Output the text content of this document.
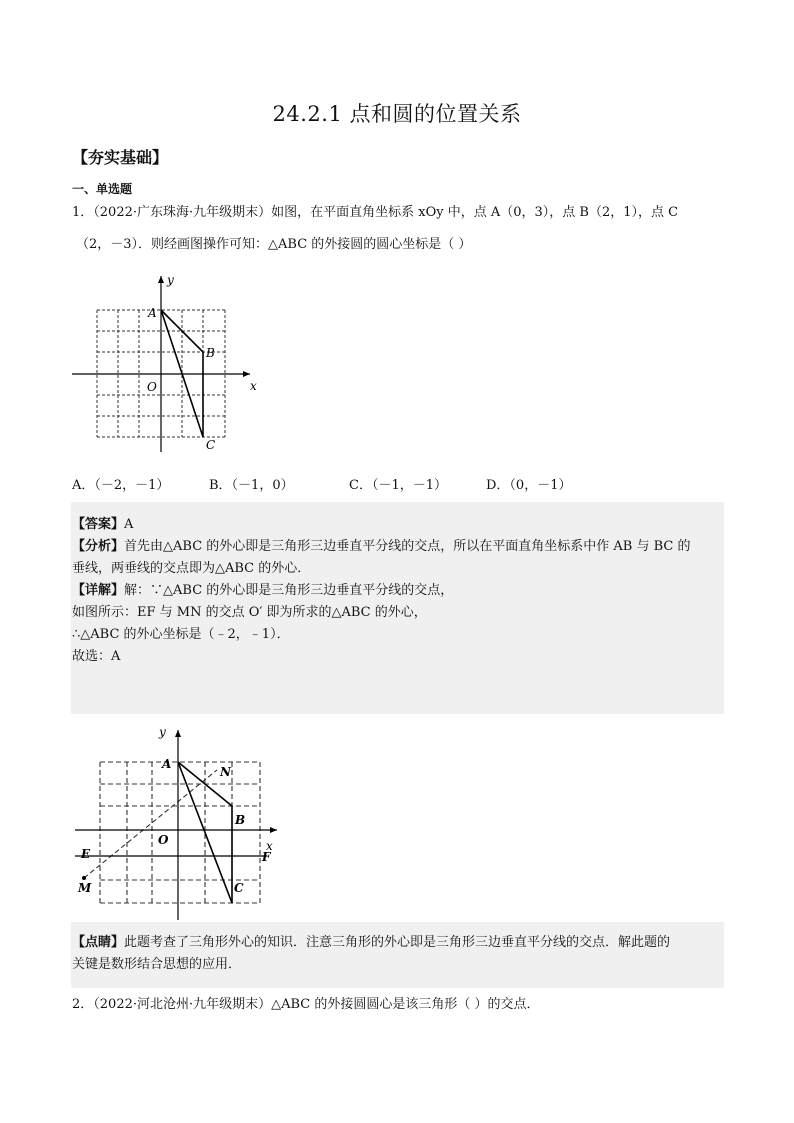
24.2.1 点和圆的位置关系
【夯实基础】
一、单选题
1．（2022·广东珠海·九年级期末）如图，在平面直角坐标系 xOy 中，点 A（0，3），点 B（2，1），点 C
（2，－3）．则经画图操作可知：△ABC 的外接圆的圆心坐标是（ ）
y
x
O
A
B
C
A．（－2，－1）	B．（－1，0）	C．（－1，－1）	D．（0，－1）
【答案】A
【分析】首先由△ABC 的外心即是三角形三边垂直平分线的交点，所以在平面直角坐标系中作 AB 与 BC 的
垂线，两垂线的交点即为△ABC 的外心．
【详解】解：∵△ABC 的外心即是三角形三边垂直平分线的交点，
如图所示：EF 与 MN 的交点 O′ 即为所求的△ABC 的外心，
∴△ABC 的外心坐标是（﹣2，﹣1）．
故选：A
y
x
O
A
B
C
E	F
M
N
【点睛】此题考查了三角形外心的知识．注意三角形的外心即是三角形三边垂直平分线的交点．解此题的
关键是数形结合思想的应用．
2．（2022·河北沧州·九年级期末）△ABC 的外接圆圆心是该三角形（ ）的交点．
